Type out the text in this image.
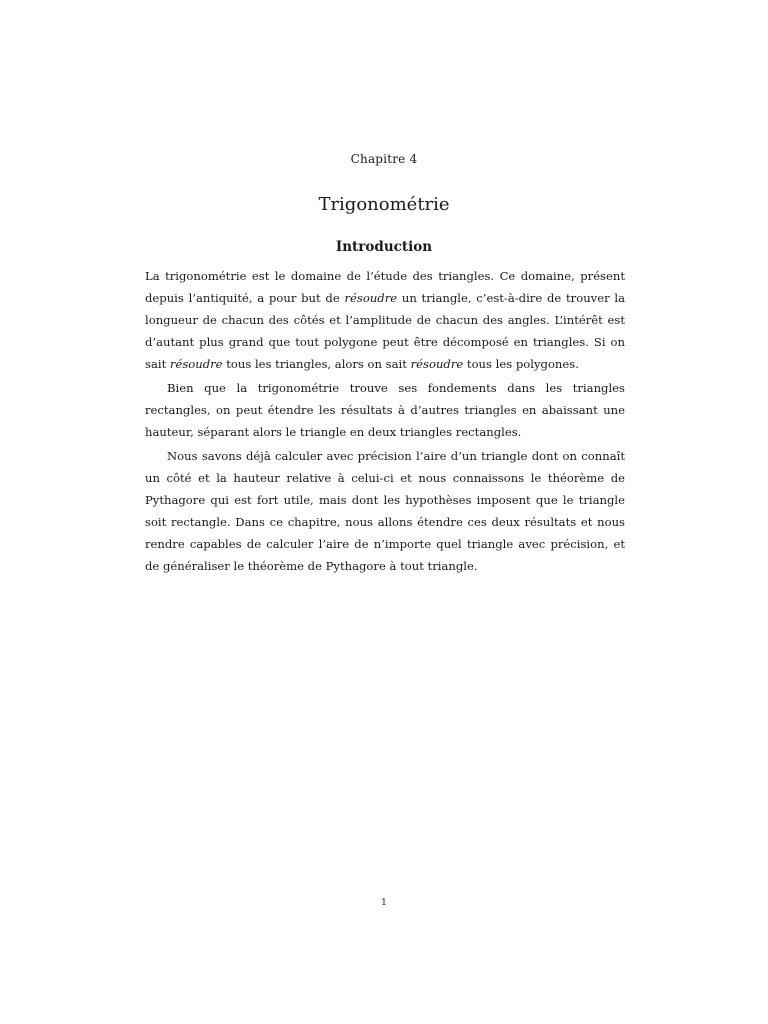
Chapitre 4
Trigonométrie
Introduction

La trigonométrie est le domaine de l’étude des triangles. Ce domaine, présent depuis l’antiquité, a pour but de résoudre un triangle, c’est-à-dire de trouver la longueur de chacun des côtés et l’amplitude de chacun des angles. L’intérêt est d’autant plus grand que tout polygone peut être décomposé en triangles. Si on sait résoudre tous les triangles, alors on sait résoudre tous les polygones.

Bien que la trigonométrie trouve ses fondements dans les triangles rectangles, on peut étendre les résultats à d’autres triangles en abaissant une hauteur, séparant alors le triangle en deux triangles rectangles.

Nous savons déjà calculer avec précision l’aire d’un triangle dont on connaît un côté et la hauteur relative à celui-ci et nous connaissons le théorème de Pythagore qui est fort utile, mais dont les hypothèses imposent que le triangle soit rectangle. Dans ce chapitre, nous allons étendre ces deux résultats et nous rendre capables de calculer l’aire de n’importe quel triangle avec précision, et de généraliser le théorème de Pythagore à tout triangle.

1
